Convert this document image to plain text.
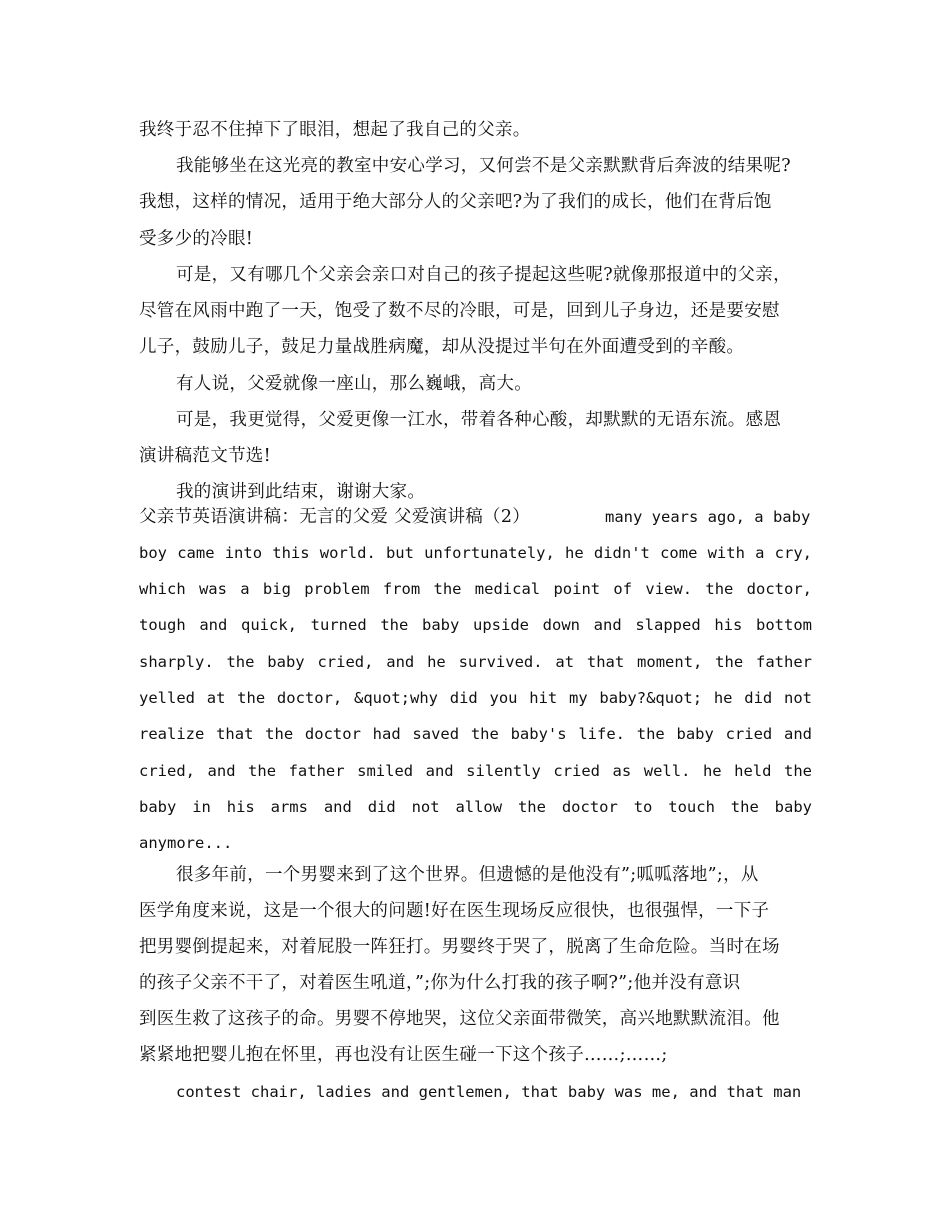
我终于忍不住掉下了眼泪，想起了我自己的父亲。
我能够坐在这光亮的教室中安心学习，又何尝不是父亲默默背后奔波的结果呢?
我想，这样的情况，适用于绝大部分人的父亲吧?为了我们的成长，他们在背后饱
受多少的冷眼!
可是，又有哪几个父亲会亲口对自己的孩子提起这些呢?就像那报道中的父亲，
尽管在风雨中跑了一天，饱受了数不尽的冷眼，可是，回到儿子身边，还是要安慰
儿子，鼓励儿子，鼓足力量战胜病魔，却从没提过半句在外面遭受到的辛酸。
有人说，父爱就像一座山，那么巍峨，高大。
可是，我更觉得，父爱更像一江水，带着各种心酸，却默默的无语东流。感恩
演讲稿范文节选!
我的演讲到此结束，谢谢大家。
父亲节英语演讲稿：无言的父爱 父爱演讲稿（2）	many years ago, a baby
boy came into this world. but unfortunately, he didn't come with a cry,
which was a big problem from the medical point of view. the doctor,
tough and quick, turned the baby upside down and slapped his bottom
sharply. the baby cried, and he survived. at that moment, the father
yelled at the doctor, &quot;why did you hit my baby?&quot; he did not
realize that the doctor had saved the baby's life. the baby cried and
cried, and the father smiled and silently cried as well. he held the
baby in his arms and did not allow the doctor to touch the baby
anymore...
很多年前，一个男婴来到了这个世界。但遗憾的是他没有”;呱呱落地”;，从
医学角度来说，这是一个很大的问题!好在医生现场反应很快，也很强悍，一下子
把男婴倒提起来，对着屁股一阵狂打。男婴终于哭了，脱离了生命危险。当时在场
的孩子父亲不干了，对着医生吼道，”;你为什么打我的孩子啊?”;他并没有意识
到医生救了这孩子的命。男婴不停地哭，这位父亲面带微笑，高兴地默默流泪。他
紧紧地把婴儿抱在怀里，再也没有让医生碰一下这个孩子……;……;
contest chair, ladies and gentlemen, that baby was me, and that man
